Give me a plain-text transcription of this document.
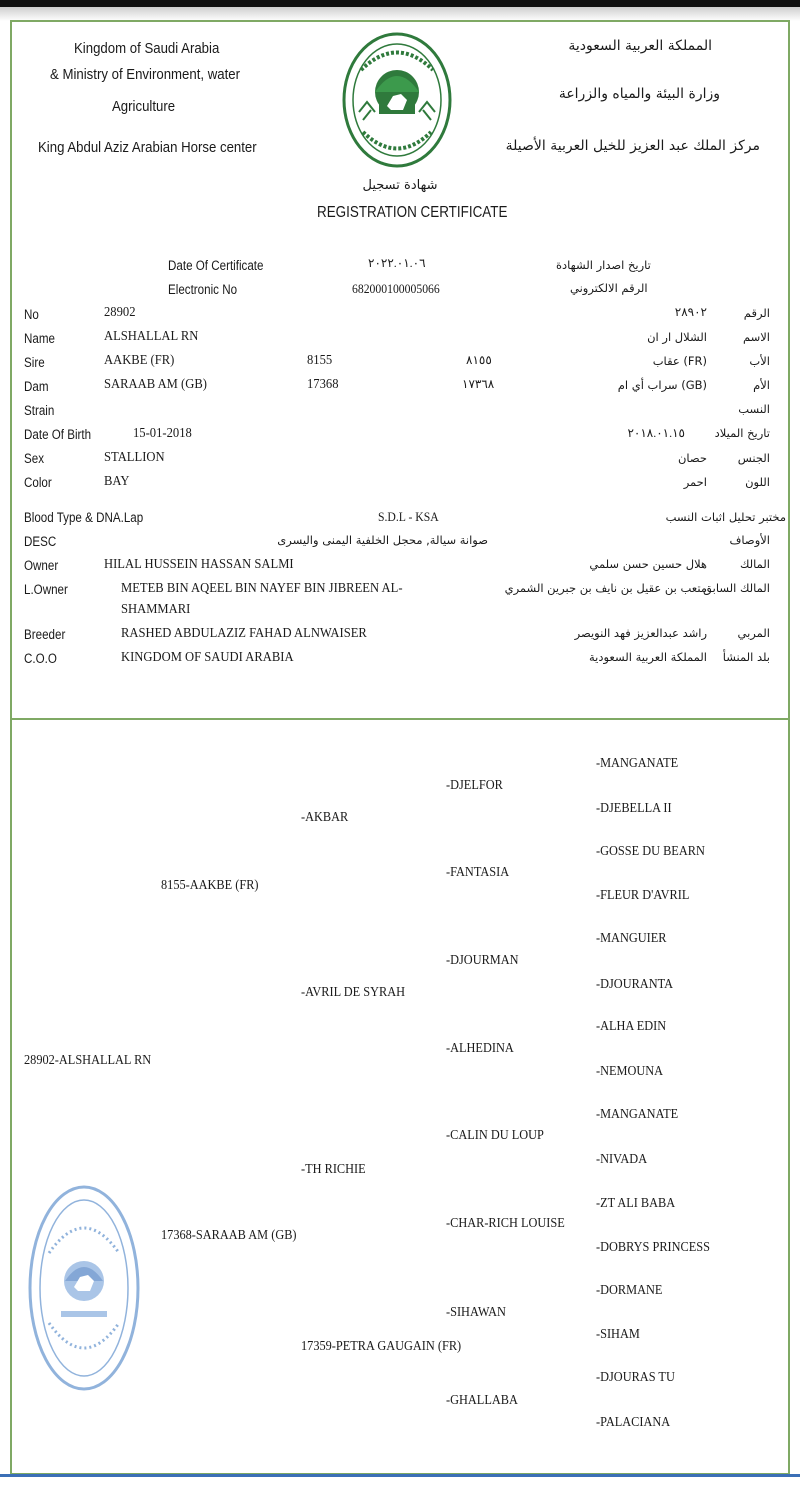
Kingdom of Saudi Arabia
& Ministry of Environment, water
Agriculture
King Abdul Aziz Arabian Horse center
المملكة العربية السعودية
وزارة البيئة والمياه والزراعة
مركز الملك عبد العزيز للخيل العربية الأصيلة
شهادة تسجيل
REGISTRATION CERTIFICATE
Date Of Certificate	٢٠٢٢.٠١.٠٦	تاريخ اصدار الشهادة
Electronic No	682000100005066	الرقم الالكتروني
No	28902	٢٨٩٠٢	الرقم
Name	ALSHALLAL RN	الشلال ار ان	الاسم
Sire	AAKBE (FR)	8155	٨١٥٥	(FR) عقاب	الأب
Dam	SARAAB AM (GB)	17368	١٧٣٦٨	(GB) سراب أي ام	الأم
Strain	النسب
Date Of Birth	15-01-2018	٢٠١٨.٠١.١٥	تاريخ الميلاد
Sex	STALLION	حصان	الجنس
Color	BAY	احمر	اللون
Blood Type & DNA.Lap	S.D.L - KSA	مختبر تحليل اثبات النسب
DESC	صوانة سيالة, محجل الخلفية اليمنى واليسرى	الأوصاف
Owner	HILAL HUSSEIN HASSAN SALMI	هلال حسين حسن سلمي	المالك
L.Owner	METEB BIN AQEEL BIN NAYEF BIN JIBREEN AL-
SHAMMARI
متعب بن عقيل بن نايف بن جبرين الشمري
المالك السابق
Breeder	RASHED ABDULAZIZ FAHAD ALNWAISER	راشد عبدالعزيز فهد النويصر	المربي
C.O.O	KINGDOM OF SAUDI ARABIA	المملكة العربية السعودية بلد المنشأ
28902-ALSHALLAL RN
8155-AAKBE (FR)
17368-SARAAB AM (GB)
-AKBAR
-AVRIL DE SYRAH
-TH RICHIE
17359-PETRA GAUGAIN (FR)
-DJELFOR
-FANTASIA
-DJOURMAN
-ALHEDINA
-CALIN DU LOUP
-CHAR-RICH LOUISE
-SIHAWAN
-GHALLABA
-MANGANATE
-DJEBELLA II
-GOSSE DU BEARN
-FLEUR D'AVRIL
-MANGUIER
-DJOURANTA
-ALHA EDIN
-NEMOUNA
-MANGANATE
-NIVADA
-ZT ALI BABA
-DOBRYS PRINCESS
-DORMANE
-SIHAM
-DJOURAS TU
-PALACIANA
